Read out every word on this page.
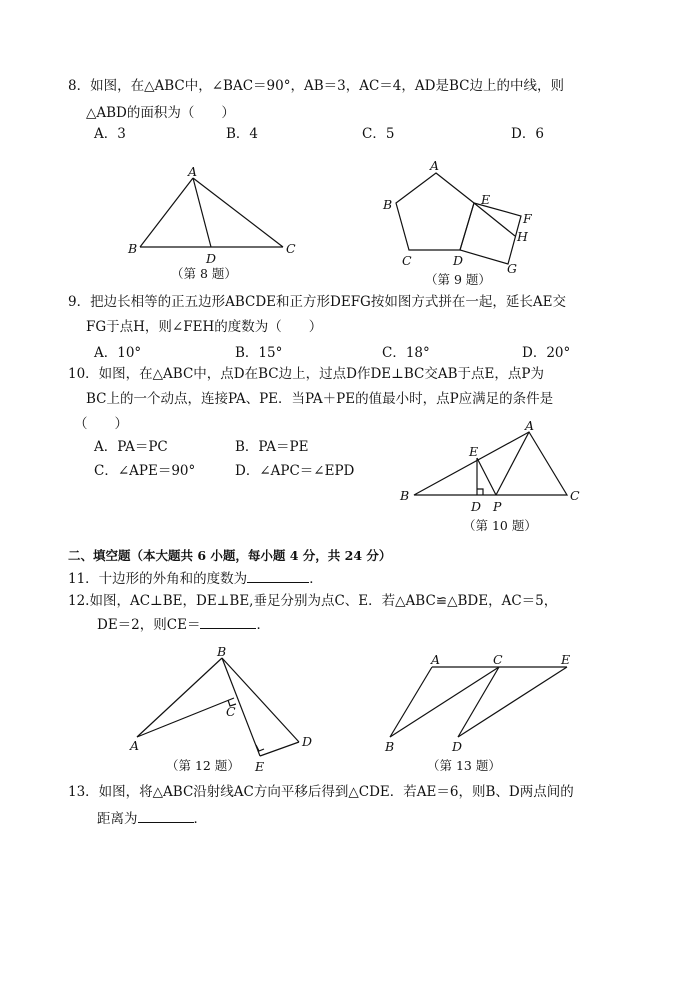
8．如图，在△ABC中，∠BAC＝90°，AB＝3，AC＝4，AD是BC边上的中线，则
△ABD的面积为（　　）
A．3	B．4	C．5	D．6
A
B	C
D
（第 8 题）
A
B
C	D
E
F
H
G
（第 9 题）
9．把边长相等的正五边形ABCDE和正方形DEFG按如图方式拼在一起，延长AE交
FG于点H，则∠FEH的度数为（　　）
A．10°	B．15°	C．18°	D．20°
10．如图，在△ABC中，点D在BC边上，过点D作DE⊥BC交AB于点E，点P为
BC上的一个动点，连接PA、PE．当PA＋PE的值最小时，点P应满足的条件是
（　　）
A．PA＝PC	B．PA＝PE
C．∠APE＝90°	D．∠APC＝∠EPD
A
E
B	C
D P
（第 10 题）
二、填空题（本大题共 6 小题，每小题 4 分，共 24 分）
11．十边形的外角和的度数为	．
12.如图，AC⊥BE，DE⊥BE,垂足分别为点C、E．若△ABC≌△BDE，AC＝5，
DE＝2，则CE＝	．
B
C
A	D
E
（第 12 题）
A	C	E
B	D
（第 13 题）
13．如图，将△ABC沿射线AC方向平移后得到△CDE．若AE＝6，则B、D两点间的
距离为	．
